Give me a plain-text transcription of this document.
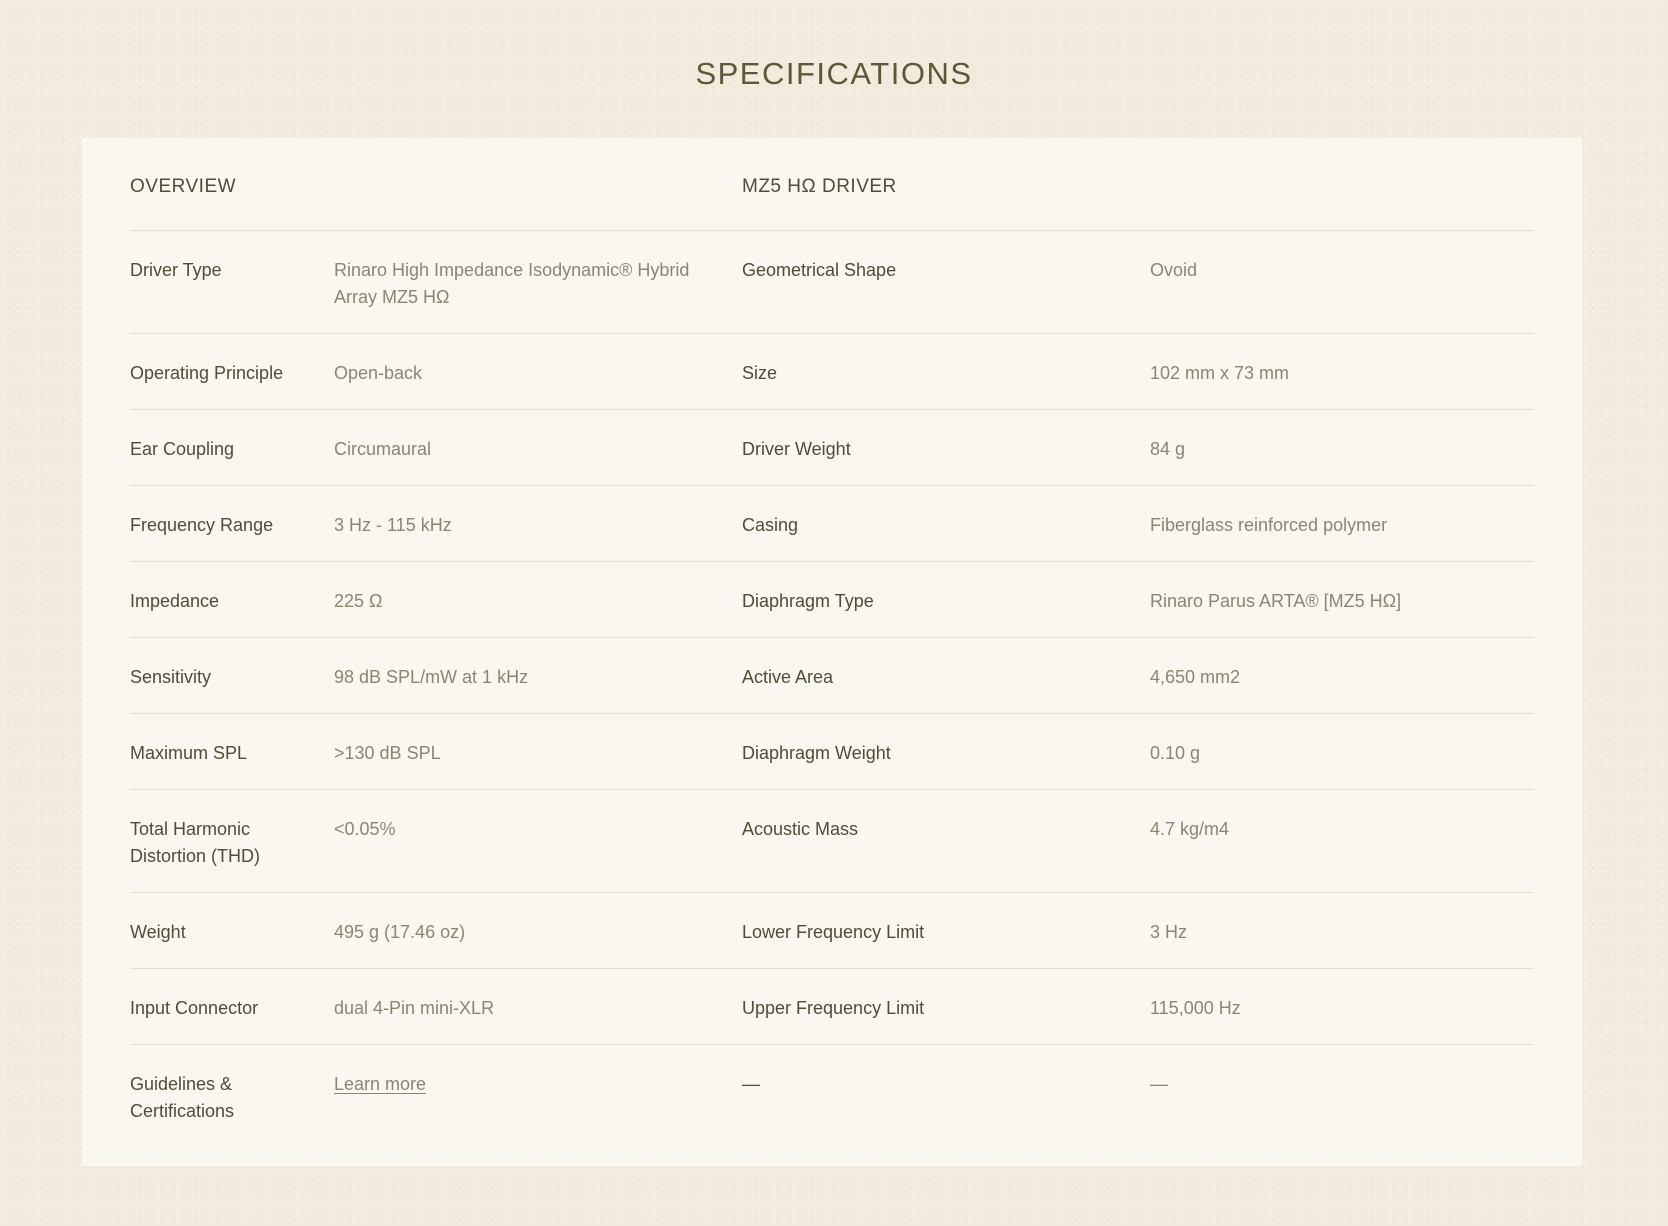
SPECIFICATIONS
OVERVIEW		MZ5 HΩ DRIVER	
Driver Type	Rinaro High Impedance Isodynamic® Hybrid Array MZ5 HΩ	Geometrical Shape	Ovoid
Operating Principle	Open-back	Size	102 mm x 73 mm
Ear Coupling	Circumaural	Driver Weight	84 g
Frequency Range	3 Hz - 115 kHz	Casing	Fiberglass reinforced polymer
Impedance	225 Ω	Diaphragm Type	Rinaro Parus ARTA® [MZ5 HΩ]
Sensitivity	98 dB SPL/mW at 1 kHz	Active Area	4,650 mm2
Maximum SPL	>130 dB SPL	Diaphragm Weight	0.10 g
Total Harmonic Distortion (THD)	<0.05%	Acoustic Mass	4.7 kg/m4
Weight	495 g (17.46 oz)	Lower Frequency Limit	3 Hz
Input Connector	dual 4-Pin mini-XLR	Upper Frequency Limit	115,000 Hz
Guidelines & Certifications	Learn more	—	—
